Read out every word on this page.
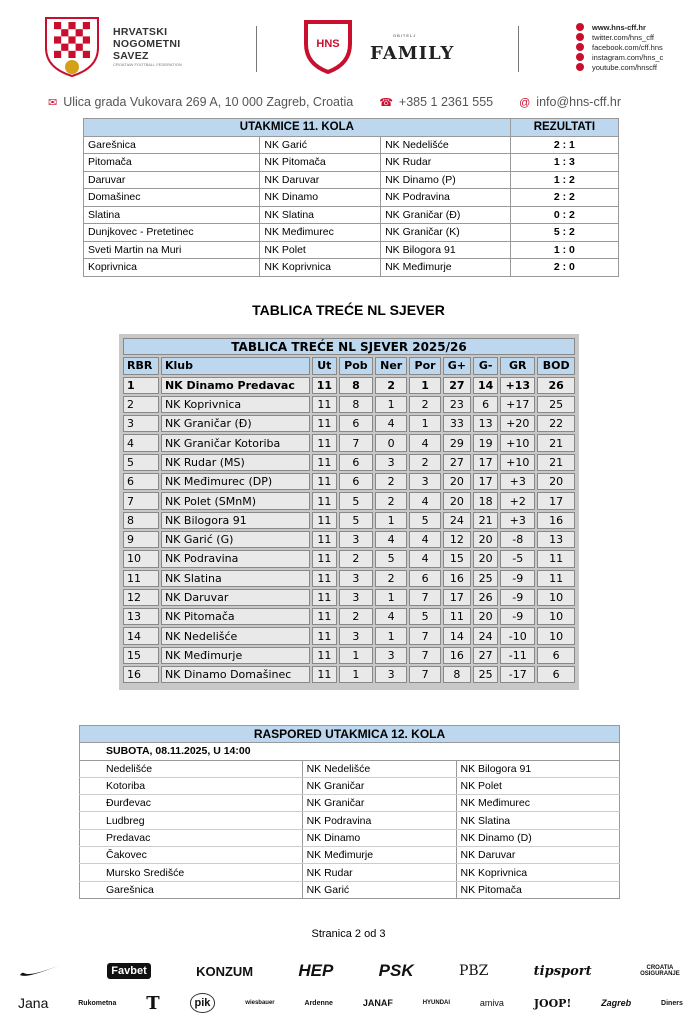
HRVATSKI
NOGOMETNI
SAVEZ
CROATIAN FOOTBALL FEDERATION
HNS
OBITELJ
FAMILY
www.hns-cff.hr
twitter.com/hns_cff
facebook.com/cff.hns
instagram.com/hns_c
youtube.com/hnscff
✉ Ulica grada Vukovara 269 A, 10 000 Zagreb, Croatia ☎ +385 1 2361 555 @ info@hns-cff.hr
UTAKMICE 11. KOLA			REZULTATI
Garešnica	NK Garić	NK Nedelišće	2 : 1
Pitomača	NK Pitomača	NK Rudar	1 : 3
Daruvar	NK Daruvar	NK Dinamo (P)	1 : 2
Domašinec	NK Dinamo	NK Podravina	2 : 2
Slatina	NK Slatina	NK Graničar (Đ)	0 : 2
Dunjkovec - Pretetinec	NK Međimurec	NK Graničar (K)	5 : 2
Sveti Martin na Muri	NK Polet	NK Bilogora 91	1 : 0
Koprivnica	NK Koprivnica	NK Međimurje	2 : 0
TABLICA TREĆE NL SJEVER
TABLICA TREĆE NL SJEVER 2025/26									
RBR	Klub	Ut	Pob	Ner	Por	G+	G-	GR	BOD
1	NK Dinamo Predavac	11	8	2	1	27	14	+13	26
2	NK Koprivnica	11	8	1	2	23	6	+17	25
3	NK Graničar (Đ)	11	6	4	1	33	13	+20	22
4	NK Graničar Kotoriba	11	7	0	4	29	19	+10	21
5	NK Rudar (MS)	11	6	3	2	27	17	+10	21
6	NK Međimurec (DP)	11	6	2	3	20	17	+3	20
7	NK Polet (SMnM)	11	5	2	4	20	18	+2	17
8	NK Bilogora 91	11	5	1	5	24	21	+3	16
9	NK Garić (G)	11	3	4	4	12	20	-8	13
10	NK Podravina	11	2	5	4	15	20	-5	11
11	NK Slatina	11	3	2	6	16	25	-9	11
12	NK Daruvar	11	3	1	7	17	26	-9	10
13	NK Pitomača	11	2	4	5	11	20	-9	10
14	NK Nedelišće	11	3	1	7	14	24	-10	10
15	NK Međimurje	11	1	3	7	16	27	-11	6
16	NK Dinamo Domašinec	11	1	3	7	8	25	-17	6
RASPORED UTAKMICA 12. KOLA		
SUBOTA, 08.11.2025, U 14:00		
Nedelišće	NK Nedelišće	NK Bilogora 91
Kotoriba	NK Graničar	NK Polet
Đurđevac	NK Graničar	NK Međimurec
Ludbreg	NK Podravina	NK Slatina
Predavac	NK Dinamo	NK Dinamo (D)
Čakovec	NK Međimurje	NK Daruvar
Mursko Središće	NK Rudar	NK Koprivnica
Garešnica	NK Garić	NK Pitomača
Stranica 2 od 3
Favbet	KONZUM	HEP	PSK	PBZ	tipsport	CROATIA OSIGURANJE
Jana	Rukometna T	pik	wiesbauer	Ardenne	JANAF	HYUNDAI	amiva	JOOP!	Zagreb	Diners
